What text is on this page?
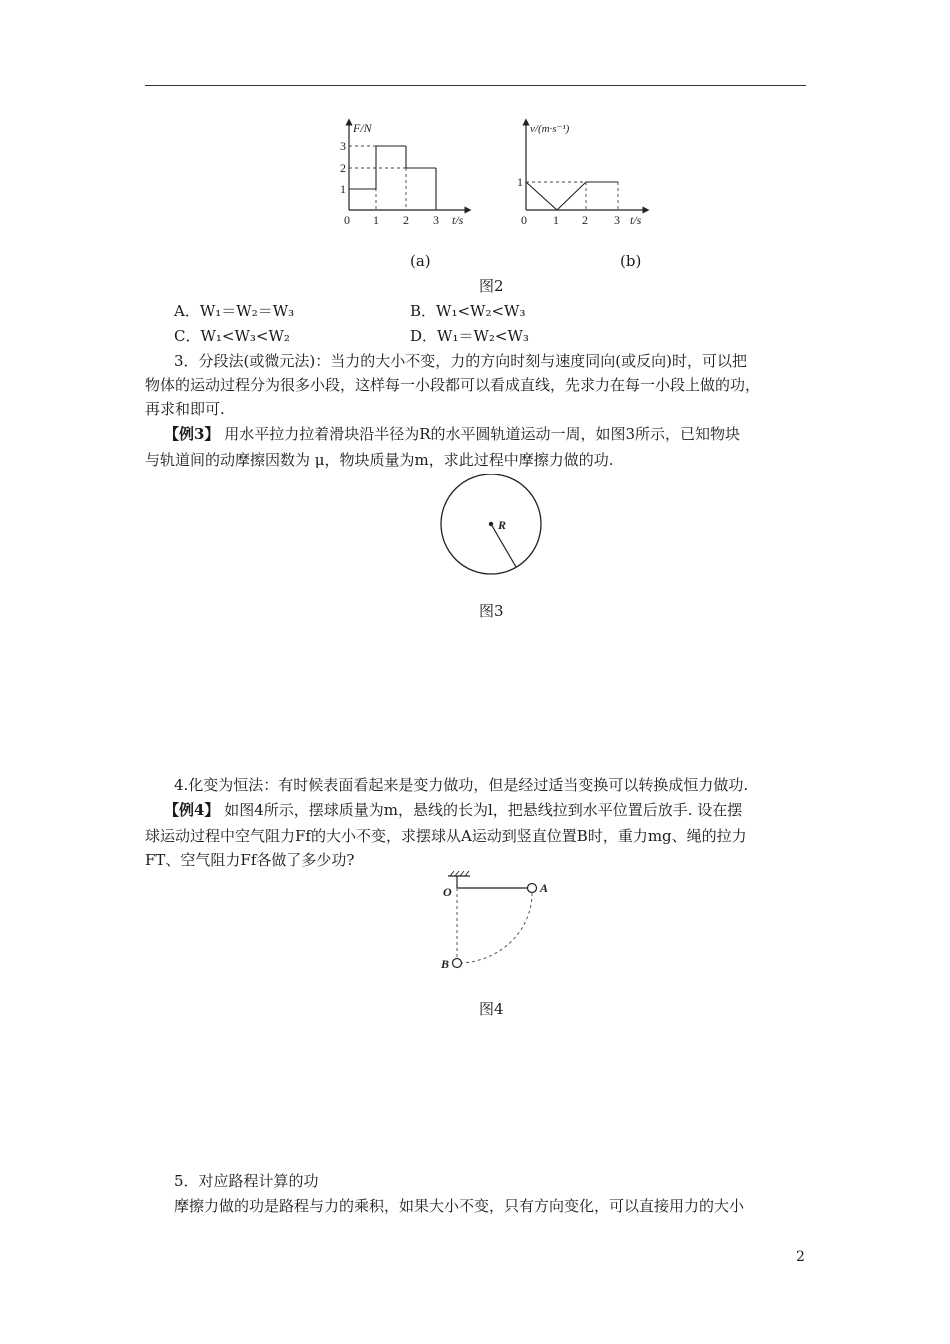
F/N
3
2
1
0 1 2 3 t/s
v/(m·s⁻¹)
1
0 1 2 3 t/s
(a)	(b)
图2
A．W₁＝W₂＝W₃	B．W₁<W₂<W₃
C．W₁<W₃<W₂	D．W₁＝W₂<W₃
3．分段法(或微元法)：当力的大小不变，力的方向时刻与速度同向(或反向)时，可以把
物体的运动过程分为很多小段，这样每一小段都可以看成直线，先求力在每一小段上做的功，
再求和即可.
【例3】 用水平拉力拉着滑块沿半径为R的水平圆轨道运动一周，如图3所示，已知物块
与轨道间的动摩擦因数为 μ，物块质量为m，求此过程中摩擦力做的功.
R
图3
4.化变为恒法：有时候表面看起来是变力做功，但是经过适当变换可以转换成恒力做功.
【例4】 如图4所示，摆球质量为m，悬线的长为l，把悬线拉到水平位置后放手. 设在摆
球运动过程中空气阻力Ff的大小不变，求摆球从A运动到竖直位置B时，重力mg、绳的拉力
FT、空气阻力Ff各做了多少功?
O	A
B
图4
5．对应路程计算的功
摩擦力做的功是路程与力的乘积，如果大小不变，只有方向变化，可以直接用力的大小
2
